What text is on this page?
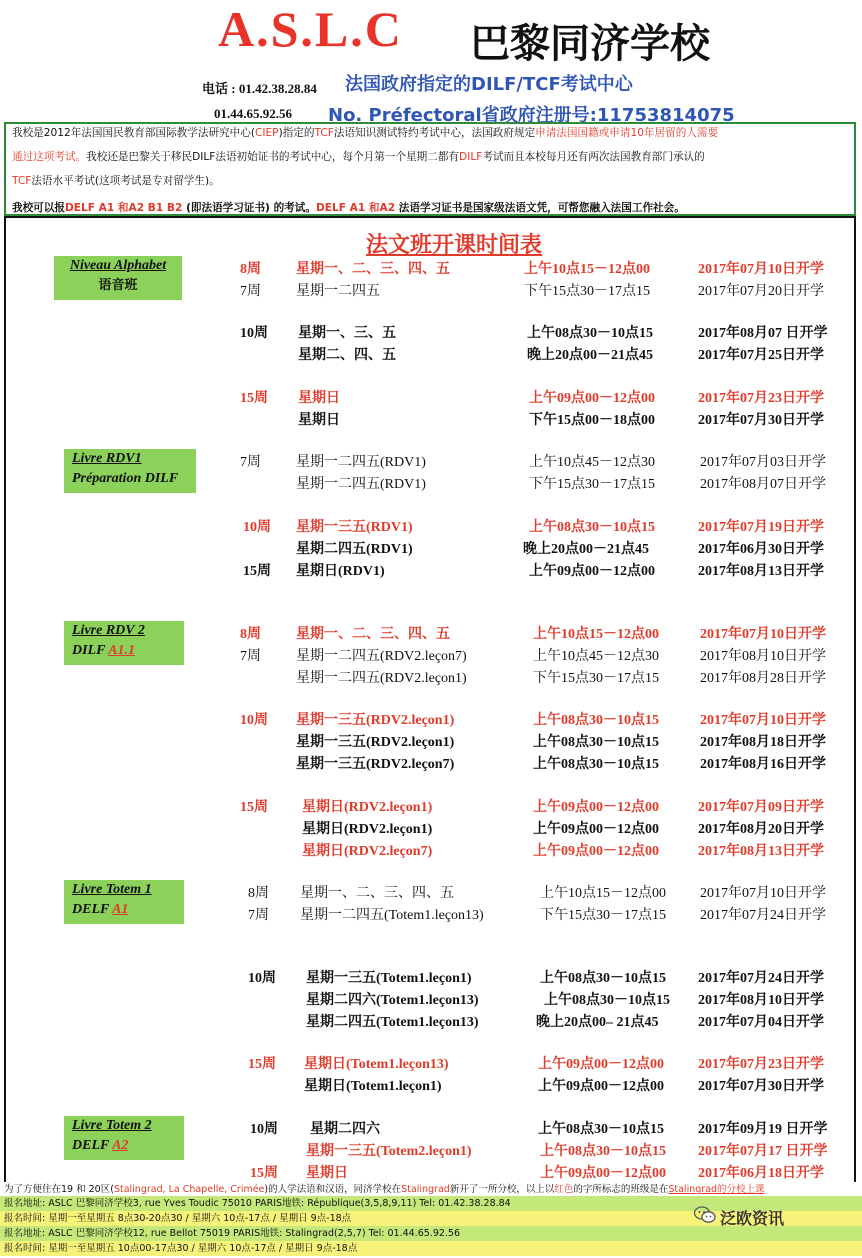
A.S.L.C 巴黎同济学校
电话 : 01.42.38.28.84
01.44.65.92.56
法国政府指定的DILF/TCF考试中心
No. Préfectoral省政府注册号:11753814075

我校是2012年法国国民教育部国际教学法研究中心(CIEP)指定的TCF法语知识测试特约考试中心，法国政府规定申请法国国籍或申请10年居留的人需要

通过这项考试。我校还是巴黎关于移民DILF法语初始证书的考试中心，每个月第一个星期二都有DILF考试而且本校每月还有两次法国教育部门承认的

TCF法语水平考试(这项考试是专对留学生)。

我校可以报DELF A1 和A2 B1 B2 (即法语学习证书) 的考试。DELF A1 和A2 法语学习证书是国家级法语文凭，可帮您融入法国工作社会。

法文班开课时间表
Niveau Alphabet
语音班
Livre RDV1
Préparation DILF
Livre RDV 2
DILF A1.1
Livre Totem 1
DELF A1
Livre Totem 2
DELF A2
8周	星期一、二、三、四、五	上午10点15－12点00	2017年07月10日开学
7周	星期一二四五	下午15点30－17点15	2017年07月20日开学
10周 星期一、三、五	上午08点30－10点15	2017年08月07 日开学
星期二、四、五	晚上20点00－21点45	2017年07月25日开学
15周 星期日	上午09点00－12点00	2017年07月23日开学
星期日	下午15点00－18点00	2017年07月30日开学
7周	星期一二四五(RDV1)	上午10点45－12点30	2017年07月03日开学
星期一二四五(RDV1)	下午15点30－17点15	2017年08月07日开学
10周 星期一三五(RDV1)	上午08点30－10点15	2017年07月19日开学
星期二四五(RDV1)	晚上20点00－21点45	2017年06月30日开学
15周 星期日(RDV1)	上午09点00－12点00	2017年08月13日开学
8周	星期一、二、三、四、五	上午10点15－12点00	2017年07月10日开学
7周	星期一二四五(RDV2.leçon7)	上午10点45－12点30	2017年08月10日开学
星期一二四五(RDV2.leçon1)	下午15点30－17点15	2017年08月28日开学
10周 星期一三五(RDV2.leçon1)	上午08点30－10点15	2017年07月10日开学
星期一三五(RDV2.leçon1)	上午08点30－10点15	2017年08月18日开学
星期一三五(RDV2.leçon7)	上午08点30－10点15	2017年08月16日开学
15周 星期日(RDV2.leçon1)	上午09点00－12点00	2017年07月09日开学
星期日(RDV2.leçon1)	上午09点00－12点00	2017年08月20日开学
星期日(RDV2.leçon7)	上午09点00－12点00	2017年08月13日开学
8周 星期一、二、三、四、五	上午10点15－12点00 2017年07月10日开学
7周 星期一二四五(Totem1.leçon13)	下午15点30－17点15 2017年07月24日开学
10周 星期一三五(Totem1.leçon1)	上午08点30－10点15 2017年07月24日开学
星期二四六(Totem1.leçon13)	上午08点30－10点15 2017年08月10日开学
星期二四五(Totem1.leçon13)	晚上20点00– 21点45	2017年07月04日开学
15周 星期日(Totem1.leçon13)	上午09点00－12点00 2017年07月23日开学
星期日(Totem1.leçon1)	上午09点00－12点00 2017年07月30日开学
10周 星期二四六	上午08点30－10点15 2017年09月19 日开学
星期一三五(Totem2.leçon1)	上午08点30－10点15 2017年07月17 日开学
15周 星期日	上午09点00－12点00 2017年06月18日开学
为了方便住在19 和 20区(Stalingrad, La Chapelle, Crimée)的人学法语和汉语，同济学校在Stalingrad新开了一所分校，以上以红色的字所标志的班级是在Stalingrad的分校上课
报名地址: ASLC 巴黎同济学校3, rue Yves Toudic 75010 PARIS地铁: République(3,5,8,9,11) Tel: 01.42.38.28.84
报名时间: 星期一至星期五 8点30-20点30 / 星期六 10点-17点 / 星期日 9点-18点
报名地址: ASLC 巴黎同济学校12, rue Bellot 75019 PARIS地铁: Stalingrad(2,5,7) Tel: 01.44.65.92.56
报名时间: 星期一至星期五 10点00-17点30 / 星期六 10点-17点 / 星期日 9点-18点
泛欧资讯
